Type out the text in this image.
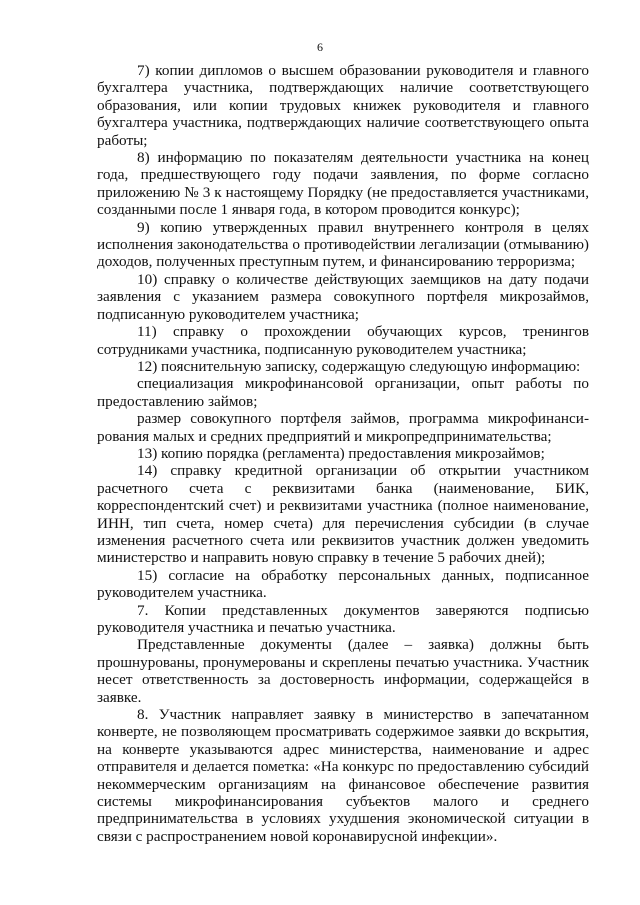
6

7) копии дипломов о высшем образовании руководителя и главного бухгалтера участника, подтверждающих наличие соответствующего образования, или копии трудовых книжек руководителя и главного бухгалтера участника, подтверждающих наличие соответствующего опыта работы;

8) информацию по показателям деятельности участника на конец года, предшествующего году подачи заявления, по форме согласно приложению № 3 к настоящему Порядку (не предоставляется участниками, созданными после 1 января года, в котором проводится конкурс);

9) копию утвержденных правил внутреннего контроля в целях исполнения законодательства о противодействии легализации (отмыванию) доходов, полученных преступным путем, и финансированию терроризма;

10) справку о количестве действующих заемщиков на дату подачи заявления с указанием размера совокупного портфеля микрозаймов, подписанную руководителем участника;

11) справку о прохождении обучающих курсов, тренингов сотрудниками участника, подписанную руководителем участника;

12) пояснительную записку, содержащую следующую информацию:

специализация микрофинансовой организации, опыт работы по предоставлению займов;

размер совокупного портфеля займов, программа микрофинансирования малых и средних предприятий и микропредпринимательства;

13) копию порядка (регламента) предоставления микрозаймов;

14) справку кредитной организации об открытии участником расчетного счета с реквизитами банка (наименование, БИК, корреспондентский счет) и реквизитами участника (полное наименование, ИНН, тип счета, номер счета) для перечисления субсидии (в случае изменения расчетного счета или реквизитов участник должен уведомить министерство и направить новую справку в течение 5 рабочих дней);

15) согласие на обработку персональных данных, подписанное руководителем участника.

7. Копии представленных документов заверяются подписью руководителя участника и печатью участника.

Представленные документы (далее – заявка) должны быть прошнурованы, пронумерованы и скреплены печатью участника. Участник несет ответственность за достоверность информации, содержащейся в заявке.

8. Участник направляет заявку в министерство в запечатанном конверте, не позволяющем просматривать содержимое заявки до вскрытия, на конверте указываются адрес министерства, наименование и адрес отправителя и делается пометка: «На конкурс по предоставлению субсидий некоммерческим организациям на финансовое обеспечение развития системы микрофинансирования субъектов малого и среднего предпринимательства в условиях ухудшения экономической ситуации в связи с распространением новой коронавирусной инфекции».
